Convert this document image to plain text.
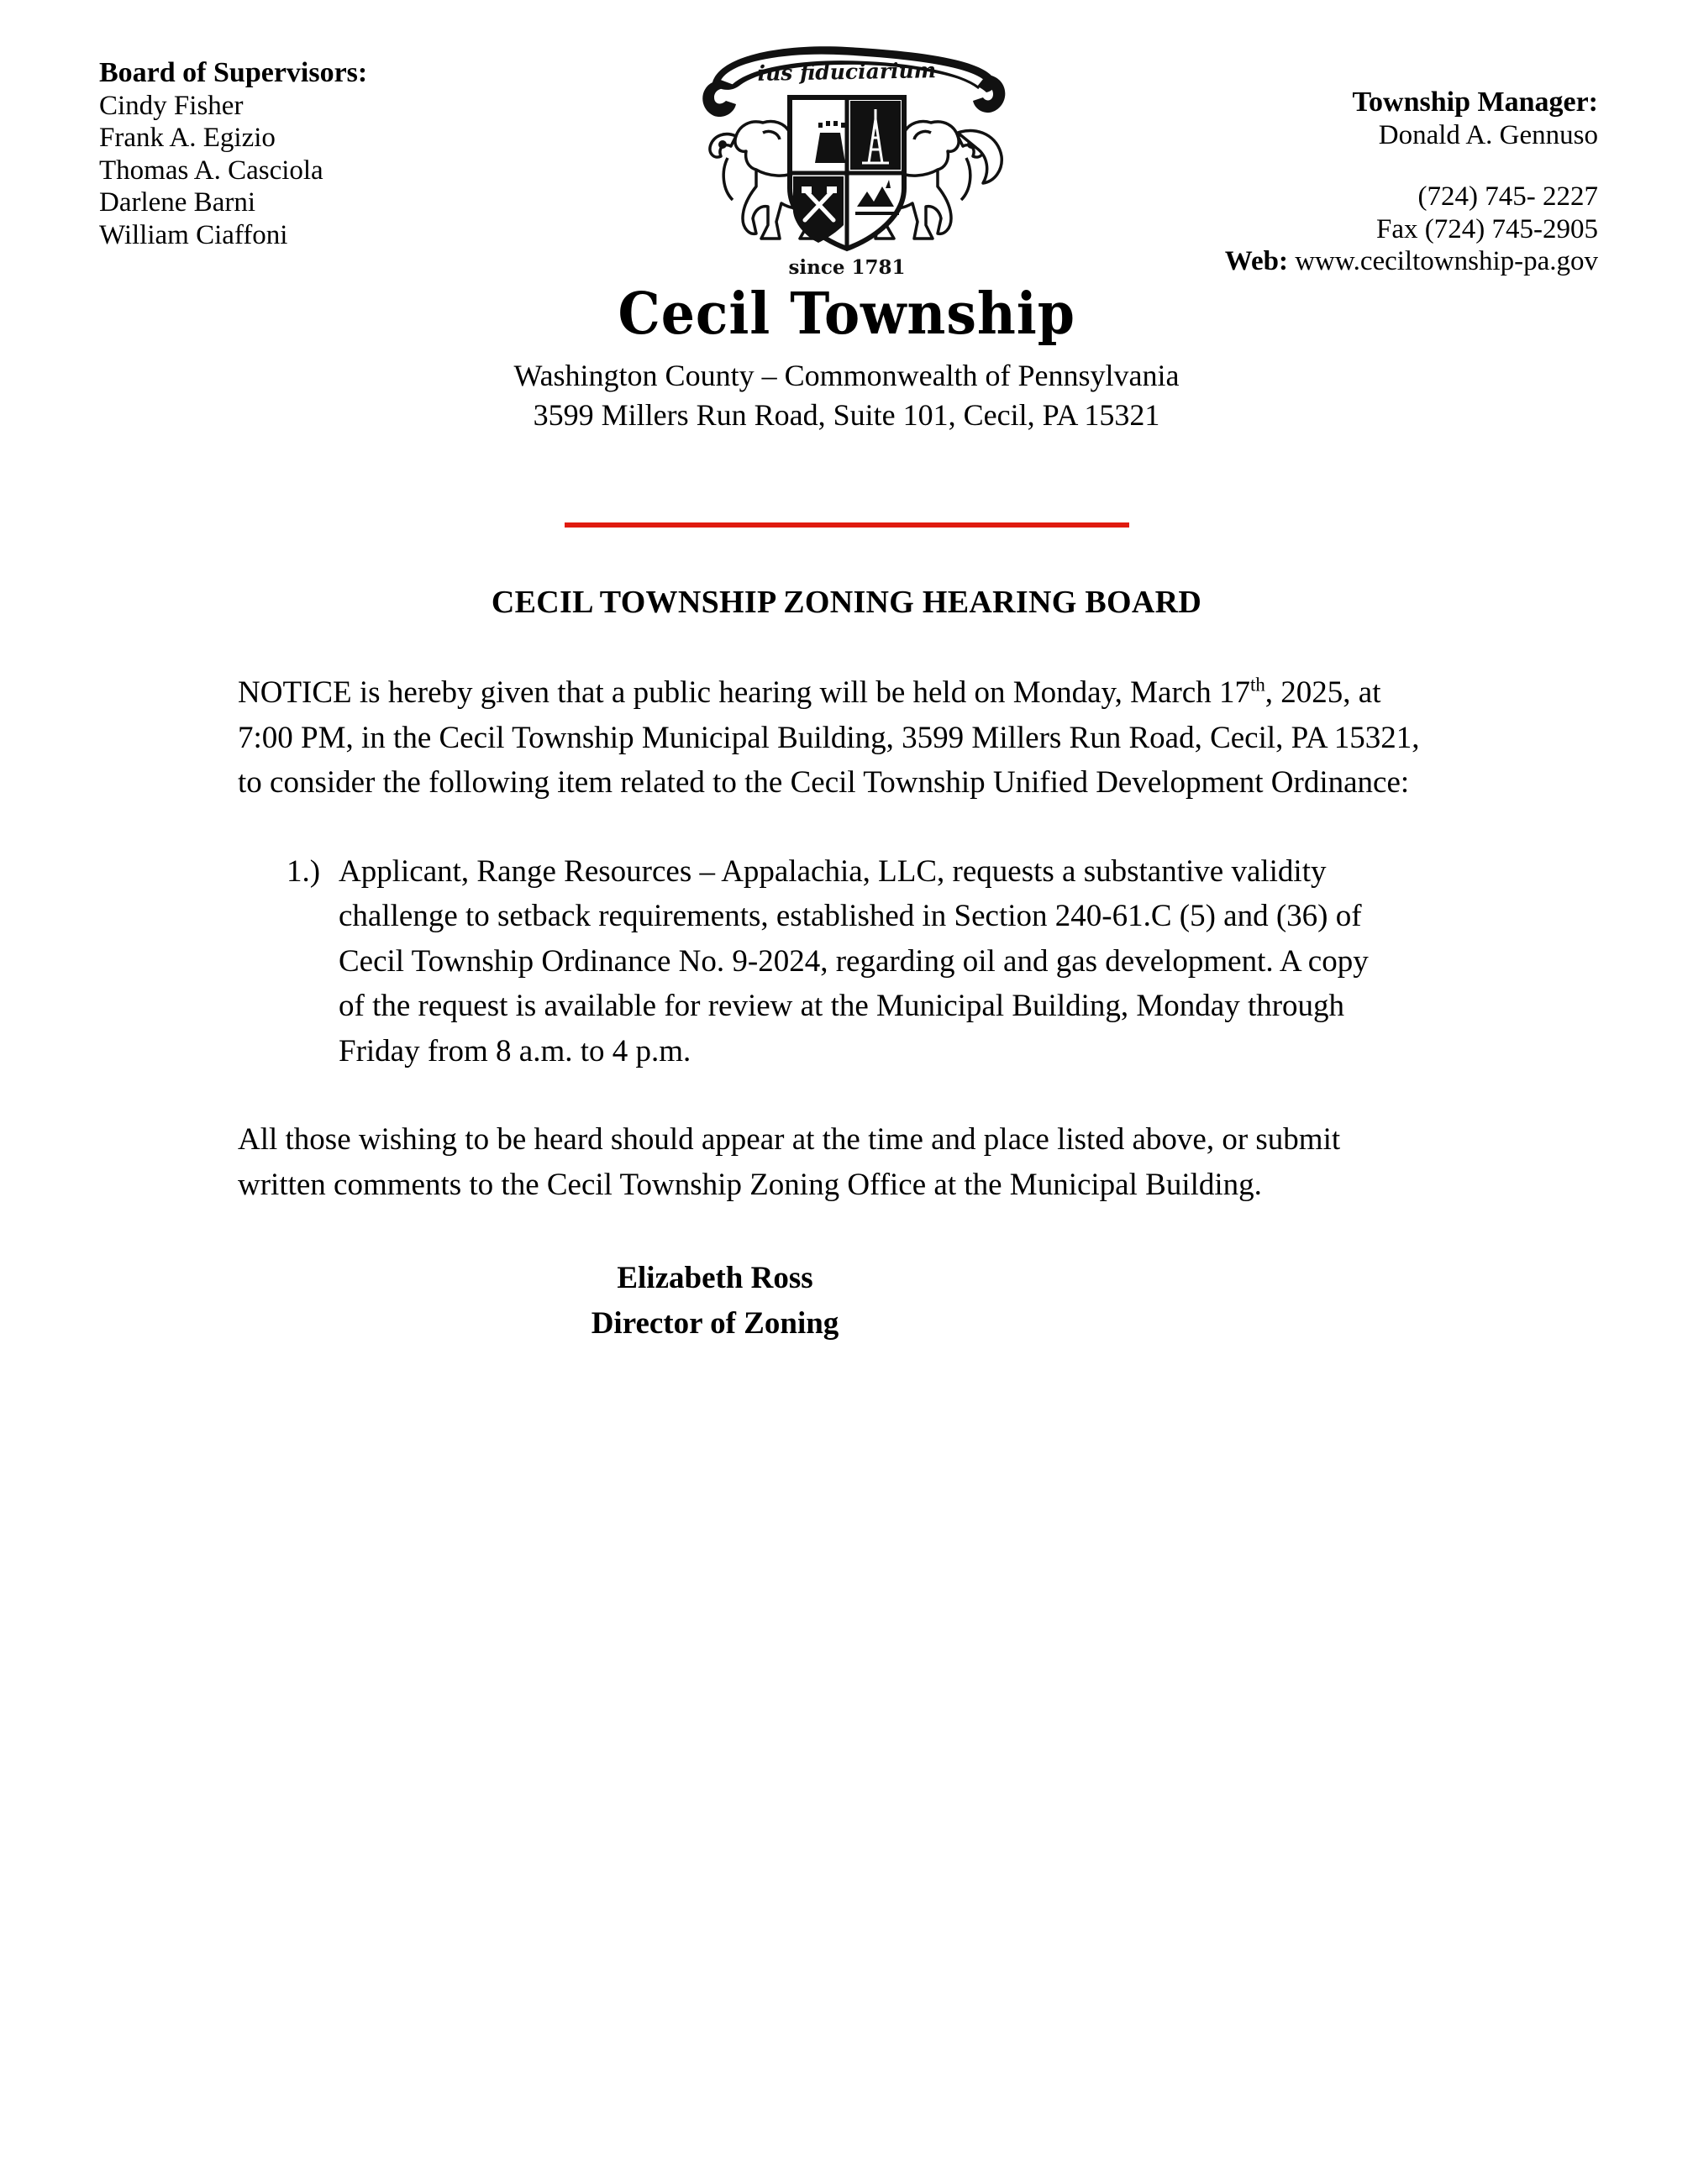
Board of Supervisors:
Cindy Fisher
Frank A. Egizio
Thomas A. Casciola
Darlene Barni
William Ciaffoni
Township Manager:
Donald A. Gennuso
(724) 745- 2227
Fax (724) 745-2905
Web: www.ceciltownship-pa.gov
ius fiduciarium
since 1781
Cecil Township
Washington County – Commonwealth of Pennsylvania
3599 Millers Run Road, Suite 101, Cecil, PA 15321
CECIL TOWNSHIP ZONING HEARING BOARD
NOTICE is hereby given that a public hearing will be held on Monday, March 17th, 2025, at 7:00 PM, in the Cecil Township Municipal Building, 3599 Millers Run Road, Cecil, PA 15321, to consider the following item related to the Cecil Township Unified Development Ordinance:
1.) Applicant, Range Resources – Appalachia, LLC, requests a substantive validity challenge to setback requirements, established in Section 240-61.C (5) and (36) of Cecil Township Ordinance No. 9-2024, regarding oil and gas development. A copy of the request is available for review at the Municipal Building, Monday through Friday from 8 a.m. to 4 p.m.
All those wishing to be heard should appear at the time and place listed above, or submit written comments to the Cecil Township Zoning Office at the Municipal Building.
Elizabeth Ross
Director of Zoning
